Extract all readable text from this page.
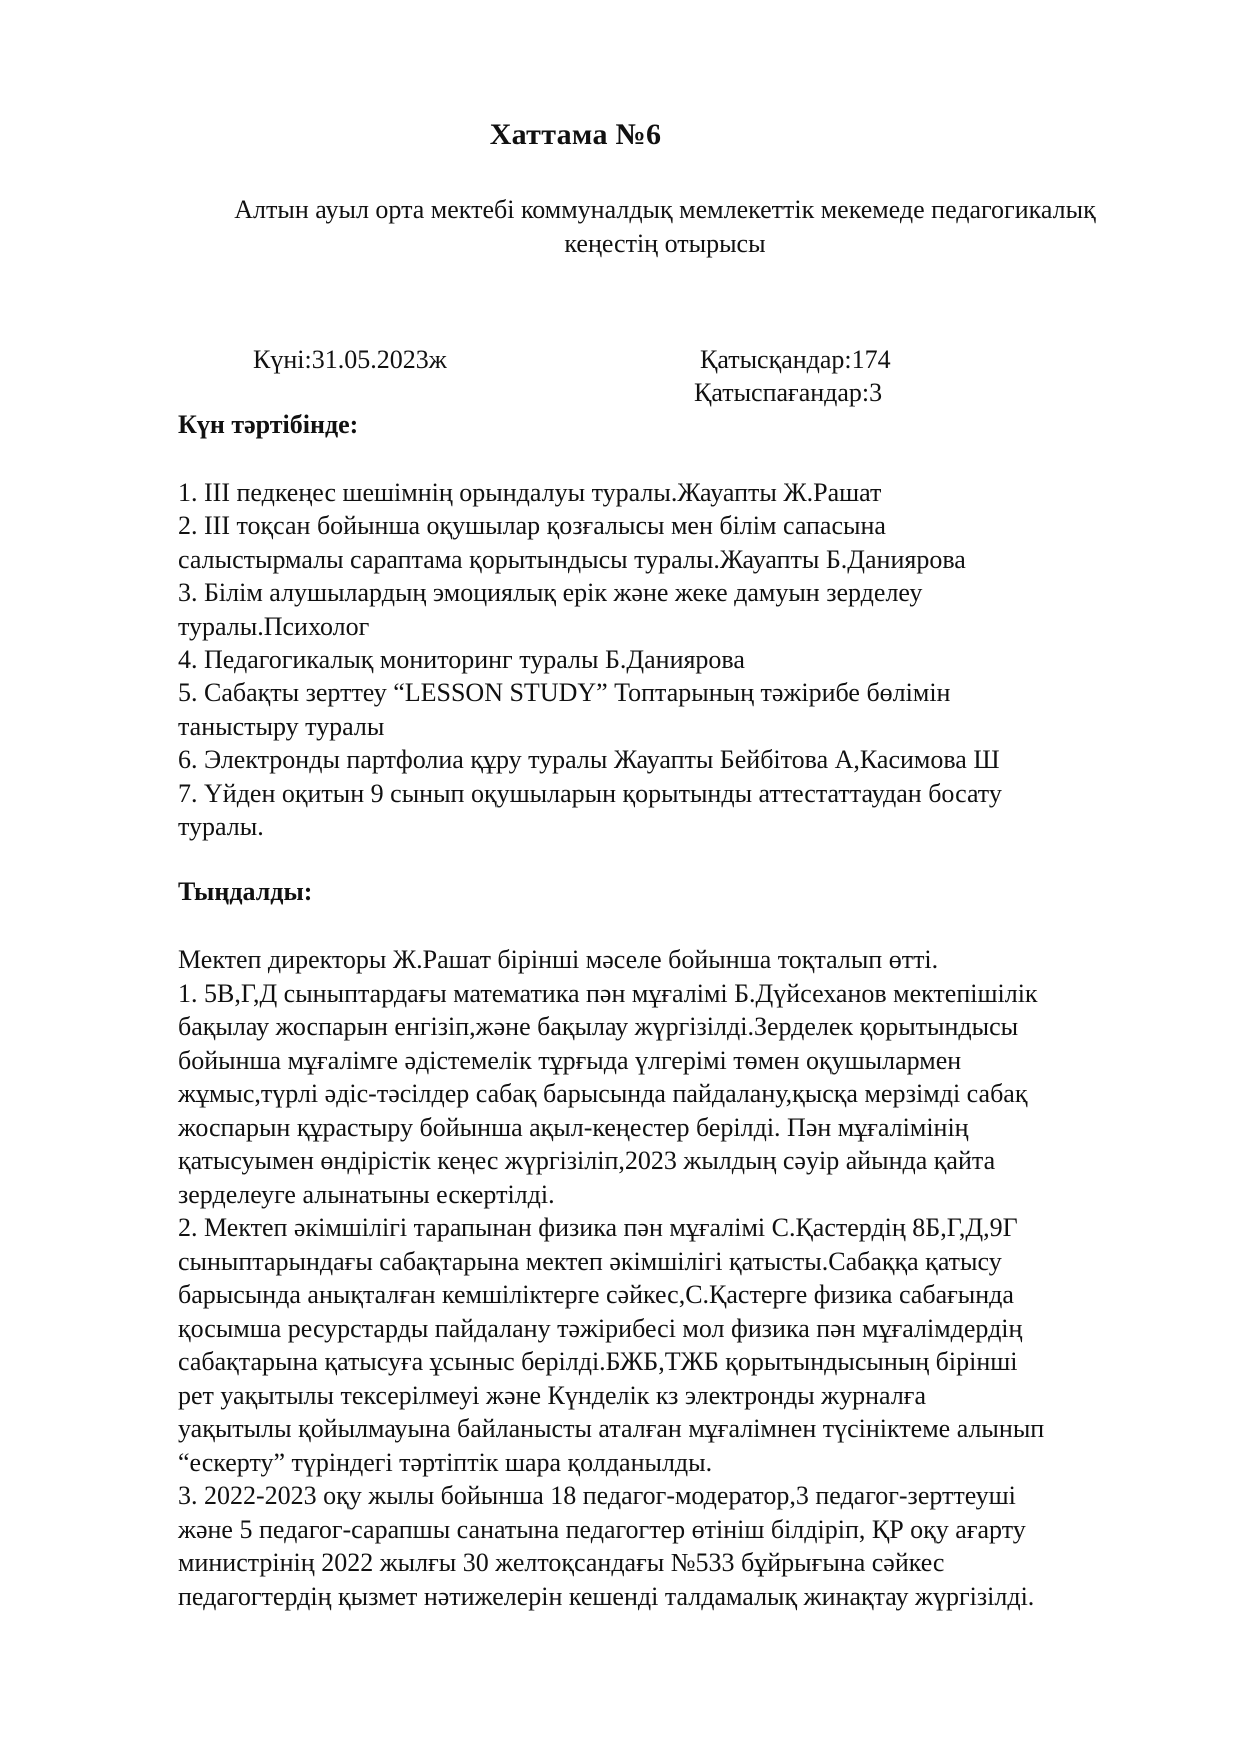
Хаттама №6
Алтын ауыл орта мектебі коммуналдық мемлекеттік мекемеде педагогикалық
кеңестің отырысы
Күні:31.05.2023ж	Қатысқандар:174
Қатыспағандар:3
Күн тәртібінде:
1. ІІІ педкеңес шешімнің орындалуы туралы.Жауапты Ж.Рашат
2. ІІІ тоқсан бойынша оқушылар қозғалысы мен білім сапасына
салыстырмалы сараптама қорытындысы туралы.Жауапты Б.Даниярова
3. Білім алушылардың эмоциялық ерік және жеке дамуын зерделеу
туралы.Психолог
4. Педагогикалық мониторинг туралы Б.Даниярова
5. Сабақты зерттеу “LESSON STUDY” Топтарының тәжірибе бөлімін
таныстыру туралы
6. Электронды партфолиа құру туралы Жауапты Бейбітова А,Касимова Ш
7. Үйден оқитын 9 сынып оқушыларын қорытынды аттестаттаудан босату
туралы.
Тыңдалды:
Мектеп директоры Ж.Рашат бірінші мәселе бойынша тоқталып өтті.
1. 5В,Г,Д сыныптардағы математика пән мұғалімі Б.Дүйсеханов мектепішілік
бақылау жоспарын енгізіп,және бақылау жүргізілді.Зерделек қорытындысы
бойынша мұғалімге әдістемелік тұрғыда үлгерімі төмен оқушылармен
жұмыс,түрлі әдіс-тәсілдер сабақ барысында пайдалану,қысқа мерзімді сабақ
жоспарын құрастыру бойынша ақыл-кеңестер берілді. Пән мұғалімінің
қатысуымен өндірістік кеңес жүргізіліп,2023 жылдың сәуір айында қайта
зерделеуге алынатыны ескертілді.
2. Мектеп әкімшілігі тарапынан физика пән мұғалімі С.Қастердің 8Б,Г,Д,9Г
сыныптарындағы сабақтарына мектеп әкімшілігі қатысты.Сабаққа қатысу
барысында анықталған кемшіліктерге сәйкес,С.Қастерге физика сабағында
қосымша ресурстарды пайдалану тәжірибесі мол физика пән мұғалімдердің
сабақтарына қатысуға ұсыныс берілді.БЖБ,ТЖБ қорытындысының бірінші
рет уақытылы тексерілмеуі және Күнделік кз электронды журналға
уақытылы қойылмауына байланысты аталған мұғалімнен түсініктеме алынып
“ескерту” түріндегі тәртіптік шара қолданылды.
3. 2022-2023 оқу жылы бойынша 18 педагог-модератор,3 педагог-зерттеуші
және 5 педагог-сарапшы санатына педагогтер өтініш білдіріп, ҚР оқу ағарту
министрінің 2022 жылғы 30 желтоқсандағы №533 бұйрығына сәйкес
педагогтердің қызмет нәтижелерін кешенді талдамалық жинақтау жүргізілді.
